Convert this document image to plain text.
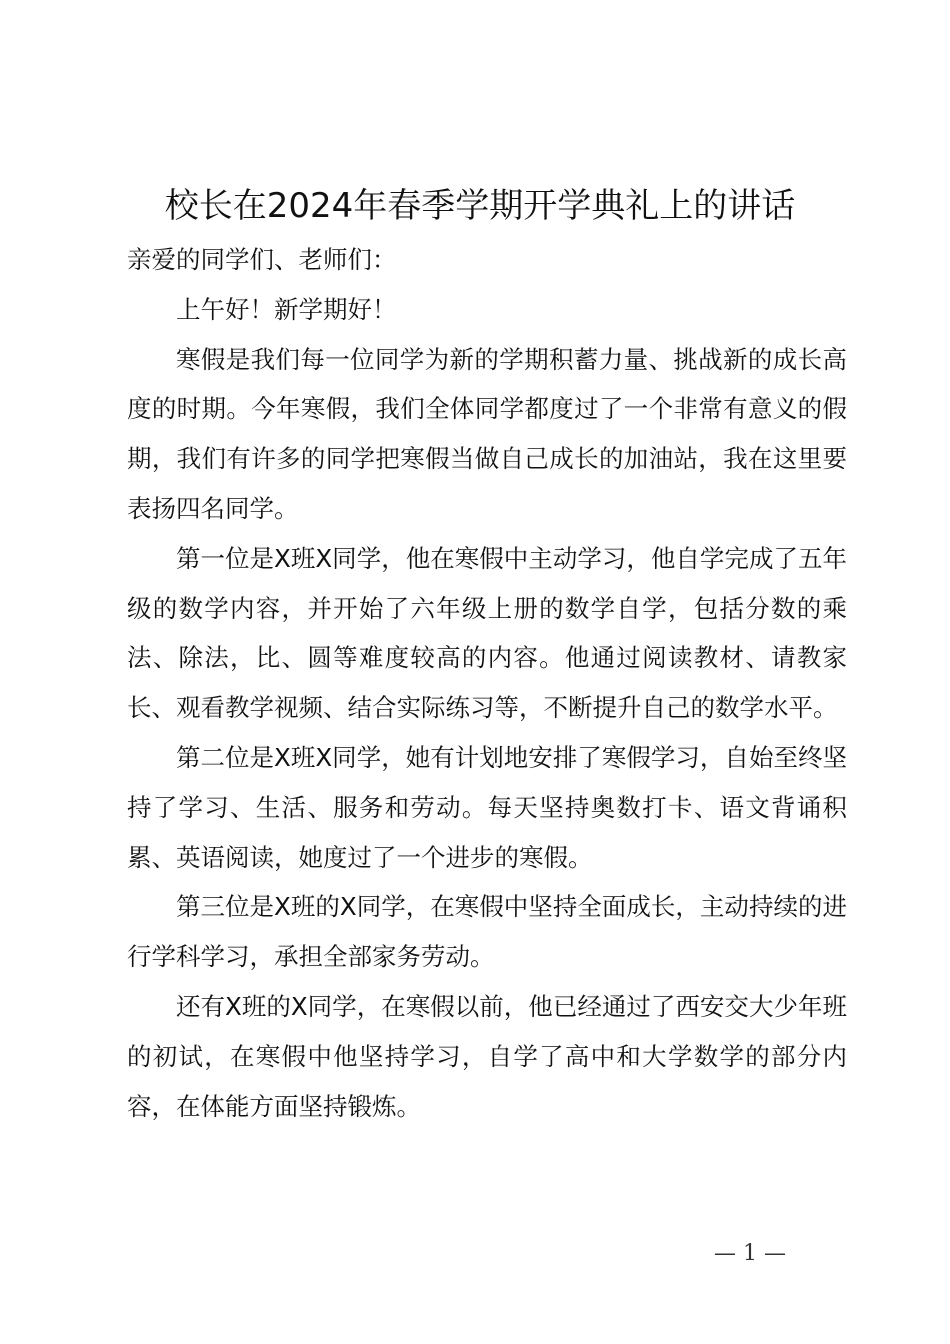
校长在2024年春季学期开学典礼上的讲话

亲爱的同学们、老师们：

上午好！新学期好！

寒假是我们每一位同学为新的学期积蓄力量、挑战新的成长高度的时期。今年寒假，我们全体同学都度过了一个非常有意义的假期，我们有许多的同学把寒假当做自己成长的加油站，我在这里要表扬四名同学。

第一位是X班X同学，他在寒假中主动学习，他自学完成了五年级的数学内容，并开始了六年级上册的数学自学，包括分数的乘法、除法，比、圆等难度较高的内容。他通过阅读教材、请教家长、观看教学视频、结合实际练习等，不断提升自己的数学水平。

第二位是X班X同学，她有计划地安排了寒假学习，自始至终坚持了学习、生活、服务和劳动。每天坚持奥数打卡、语文背诵积累、英语阅读，她度过了一个进步的寒假。

第三位是X班的X同学，在寒假中坚持全面成长，主动持续的进行学科学习，承担全部家务劳动。

还有X班的X同学，在寒假以前，他已经通过了西安交大少年班的初试，在寒假中他坚持学习，自学了高中和大学数学的部分内容，在体能方面坚持锻炼。

— 1 —
